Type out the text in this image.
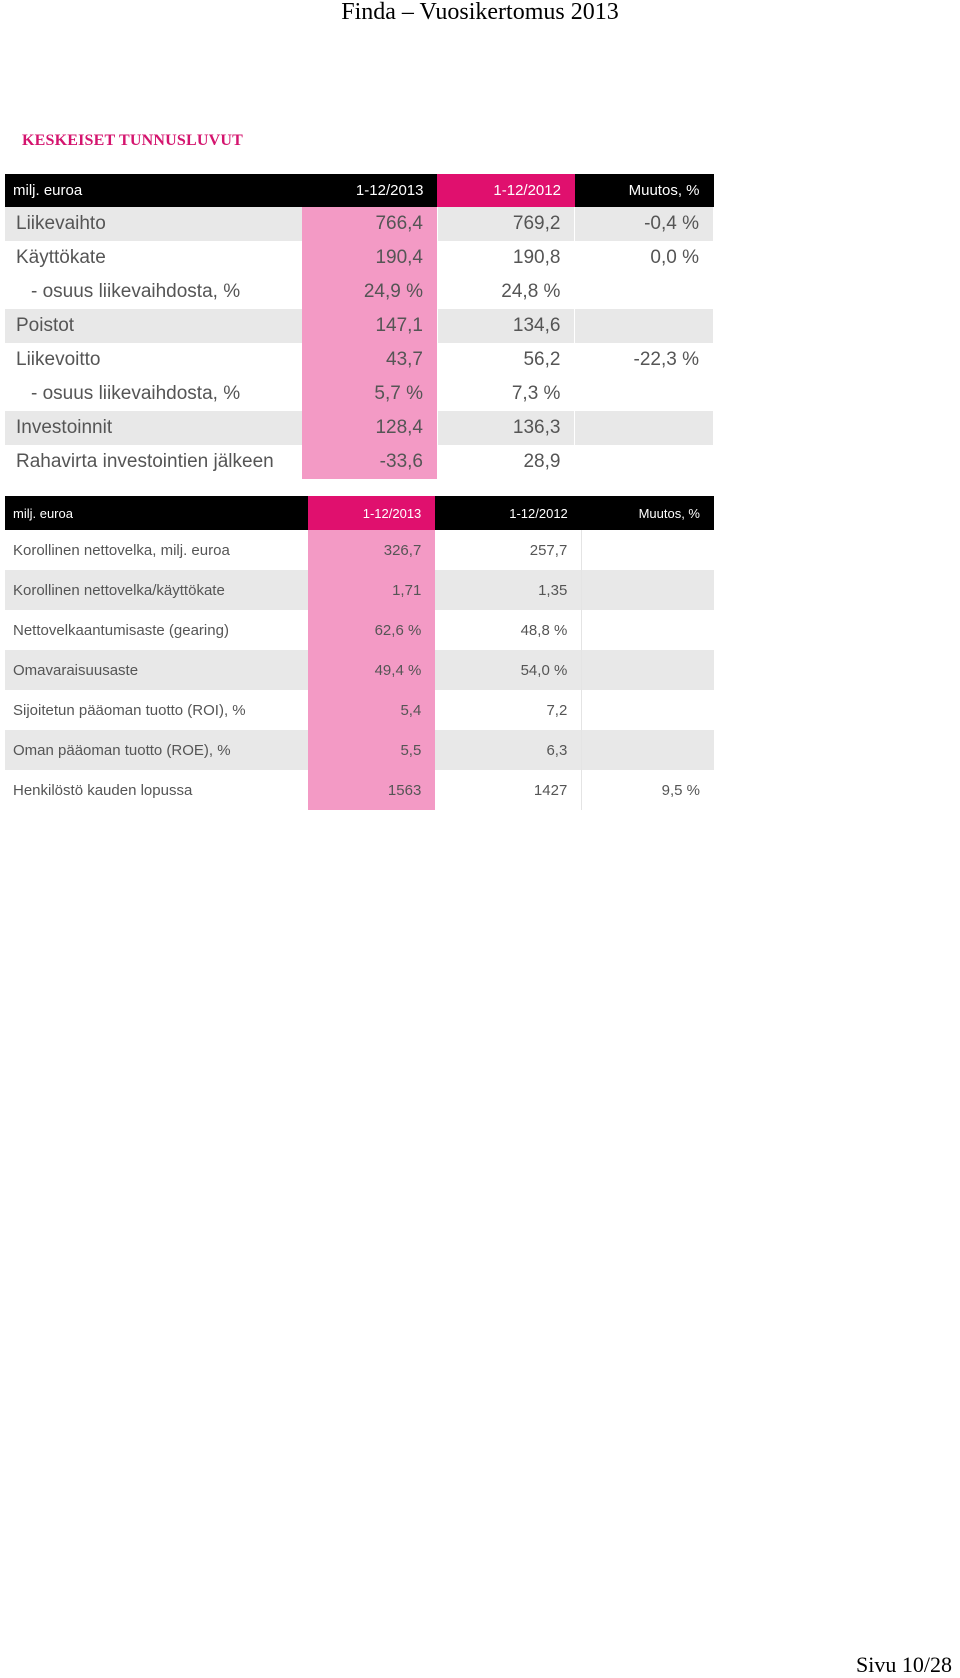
Finda – Vuosikertomus 2013
KESKEISET TUNNUSLUVUT
milj. euroa	1-12/2013	1-12/2012	Muutos, %
Liikevaihto	766,4	769,2	-0,4 %
Käyttökate	190,4	190,8	0,0 %
- osuus liikevaihdosta, %	24,9 %	24,8 %	
Poistot	147,1	134,6	
Liikevoitto	43,7	56,2	-22,3 %
- osuus liikevaihdosta, %	5,7 %	7,3 %	
Investoinnit	128,4	136,3	
Rahavirta investointien jälkeen	-33,6	28,9	
milj. euroa	1-12/2013	1-12/2012	Muutos, %
Korollinen nettovelka, milj. euroa	326,7	257,7	
Korollinen nettovelka/käyttökate	1,71	1,35	
Nettovelkaantumisaste (gearing)	62,6 %	48,8 %	
Omavaraisuusaste	49,4 %	54,0 %	
Sijoitetun pääoman tuotto (ROI), %	5,4	7,2	
Oman pääoman tuotto (ROE), %	5,5	6,3	
Henkilöstö kauden lopussa	1563	1427	9,5 %
Sivu 10/28
